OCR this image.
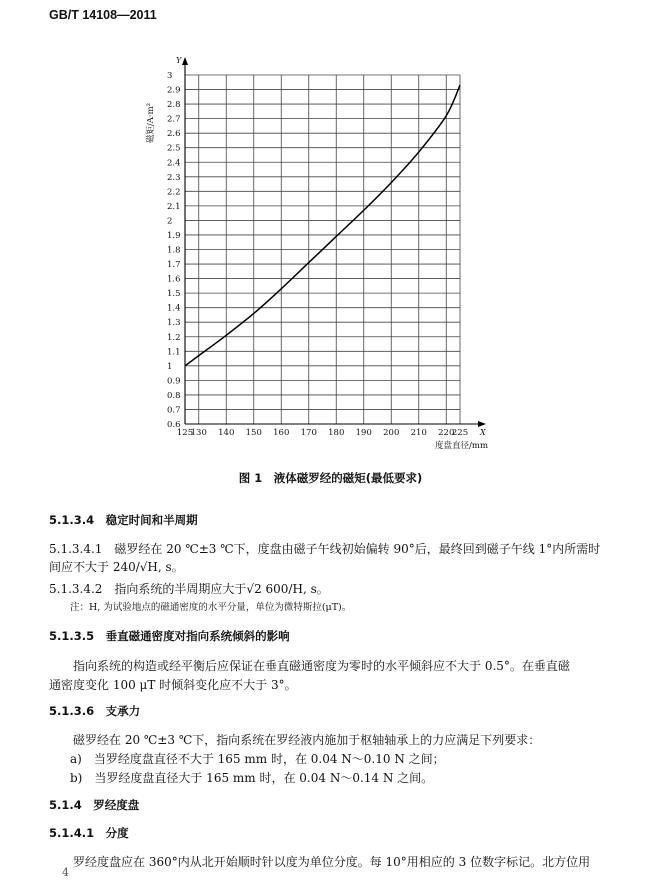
GB/T 14108—2011
Y
X
0.6
0.7
0.8
0.9
1
1.1
1.2
1.3
1.4
1.5
1.6
1.7
1.8
1.9
2
2.1
2.2
2.3
2.4
2.5
2.6
2.7
2.8
2.9
3
125
130 140 150 160 170 180 190 200 210 220
225
磁矩/A·m²
度盘直径/mm
图 1　液体磁罗经的磁矩(最低要求)
5.1.3.4　稳定时间和半周期
5.1.3.4.1　磁罗经在 20 ℃±3 ℃下，度盘由磁子午线初始偏转 90°后，最终回到磁子午线 1°内所需时
间应不大于 240/√H, s。
5.1.3.4.2　指向系统的半周期应大于√2 600/H, s。
注：H, 为试验地点的磁通密度的水平分量，单位为微特斯拉(μT)。
5.1.3.5　垂直磁通密度对指向系统倾斜的影响
　　指向系统的构造或经平衡后应保证在垂直磁通密度为零时的水平倾斜应不大于 0.5°。在垂直磁
通密度变化 100 μT 时倾斜变化应不大于 3°。
5.1.3.6　支承力
　　磁罗经在 20 ℃±3 ℃下，指向系统在罗经液内施加于枢轴轴承上的力应满足下列要求：
a)　当罗经度盘直径不大于 165 mm 时，在 0.04 N～0.10 N 之间；
b)　当罗经度盘直径大于 165 mm 时，在 0.04 N～0.14 N 之间。
5.1.4　罗经度盘
5.1.4.1　分度
　　罗经度盘应在 360°内从北开始顺时针以度为单位分度。每 10°用相应的 3 位数字标记。北方位用
4
